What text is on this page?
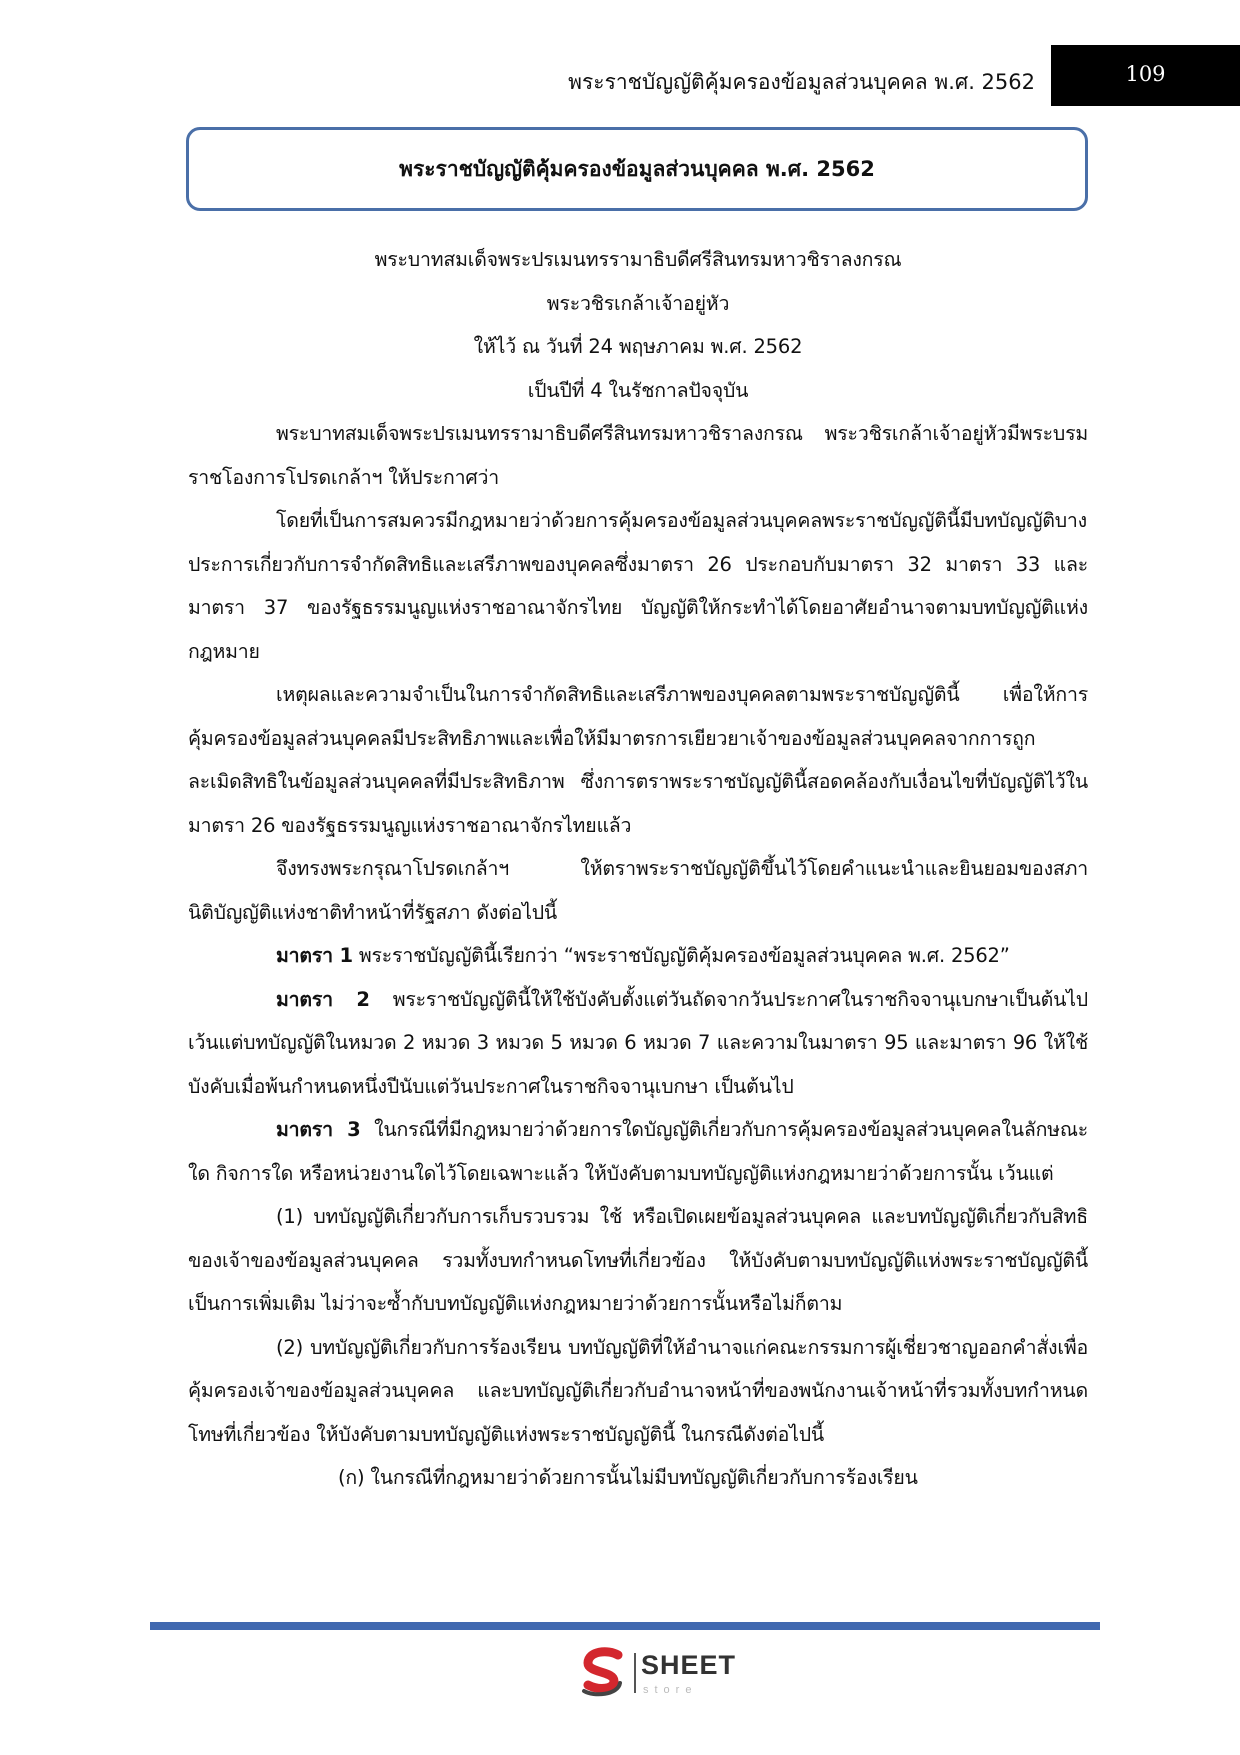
พระราชบัญญัติคุ้มครองข้อมูลส่วนบุคคล พ.ศ. 2562	109
พระราชบัญญัติคุ้มครองข้อมูลส่วนบุคคล พ.ศ. 2562

พระบาทสมเด็จพระปรเมนทรรามาธิบดีศรีสินทรมหาวชิราลงกรณ

พระวชิรเกล้าเจ้าอยู่หัว

ให้ไว้ ณ วันที่ 24 พฤษภาคม พ.ศ. 2562

เป็นปีที่ 4 ในรัชกาลปัจจุบัน

พระบาทสมเด็จพระปรเมนทรรามาธิบดีศรีสินทรมหาวชิราลงกรณ พระวชิรเกล้าเจ้าอยู่หัวมีพระบรมราชโองการโปรดเกล้าฯ ให้ประกาศว่า

โดยที่เป็นการสมควรมีกฎหมายว่าด้วยการคุ้มครองข้อมูลส่วนบุคคลพระราชบัญญัตินี้มีบทบัญญัติบางประการเกี่ยวกับการจำกัดสิทธิและเสรีภาพของบุคคลซึ่งมาตรา 26 ประกอบกับมาตรา 32 มาตรา 33 และมาตรา 37 ของรัฐธรรมนูญแห่งราชอาณาจักรไทย บัญญัติให้กระทำได้โดยอาศัยอำนาจตามบทบัญญัติแห่งกฎหมาย

เหตุผลและความจำเป็นในการจำกัดสิทธิและเสรีภาพของบุคคลตามพระราชบัญญัตินี้ เพื่อให้การคุ้มครองข้อมูลส่วนบุคคลมีประสิทธิภาพและเพื่อให้มีมาตรการเยียวยาเจ้าของข้อมูลส่วนบุคคลจากการถูกละเมิดสิทธิในข้อมูลส่วนบุคคลที่มีประสิทธิภาพ ซึ่งการตราพระราชบัญญัตินี้สอดคล้องกับเงื่อนไขที่บัญญัติไว้ในมาตรา 26 ของรัฐธรรมนูญแห่งราชอาณาจักรไทยแล้ว

จึงทรงพระกรุณาโปรดเกล้าฯ ให้ตราพระราชบัญญัติขึ้นไว้โดยคำแนะนำและยินยอมของสภานิติบัญญัติแห่งชาติทำหน้าที่รัฐสภา ดังต่อไปนี้

มาตรา 1 พระราชบัญญัตินี้เรียกว่า “พระราชบัญญัติคุ้มครองข้อมูลส่วนบุคคล พ.ศ. 2562”

มาตรา 2 พระราชบัญญัตินี้ให้ใช้บังคับตั้งแต่วันถัดจากวันประกาศในราชกิจจานุเบกษาเป็นต้นไป เว้นแต่บทบัญญัติในหมวด 2 หมวด 3 หมวด 5 หมวด 6 หมวด 7 และความในมาตรา 95 และมาตรา 96 ให้ใช้บังคับเมื่อพ้นกำหนดหนึ่งปีนับแต่วันประกาศในราชกิจจานุเบกษา เป็นต้นไป

มาตรา 3 ในกรณีที่มีกฎหมายว่าด้วยการใดบัญญัติเกี่ยวกับการคุ้มครองข้อมูลส่วนบุคคลในลักษณะใด กิจการใด หรือหน่วยงานใดไว้โดยเฉพาะแล้ว ให้บังคับตามบทบัญญัติแห่งกฎหมายว่าด้วยการนั้น เว้นแต่

(1) บทบัญญัติเกี่ยวกับการเก็บรวบรวม ใช้ หรือเปิดเผยข้อมูลส่วนบุคคล และบทบัญญัติเกี่ยวกับสิทธิของเจ้าของข้อมูลส่วนบุคคล รวมทั้งบทกำหนดโทษที่เกี่ยวข้อง ให้บังคับตามบทบัญญัติแห่งพระราชบัญญัตินี้เป็นการเพิ่มเติม ไม่ว่าจะซ้ำกับบทบัญญัติแห่งกฎหมายว่าด้วยการนั้นหรือไม่ก็ตาม

(2) บทบัญญัติเกี่ยวกับการร้องเรียน บทบัญญัติที่ให้อำนาจแก่คณะกรรมการผู้เชี่ยวชาญออกคำสั่งเพื่อคุ้มครองเจ้าของข้อมูลส่วนบุคคล และบทบัญญัติเกี่ยวกับอำนาจหน้าที่ของพนักงานเจ้าหน้าที่รวมทั้งบทกำหนดโทษที่เกี่ยวข้อง ให้บังคับตามบทบัญญัติแห่งพระราชบัญญัตินี้ ในกรณีดังต่อไปนี้

(ก) ในกรณีที่กฎหมายว่าด้วยการนั้นไม่มีบทบัญญัติเกี่ยวกับการร้องเรียน

SHEET
store
